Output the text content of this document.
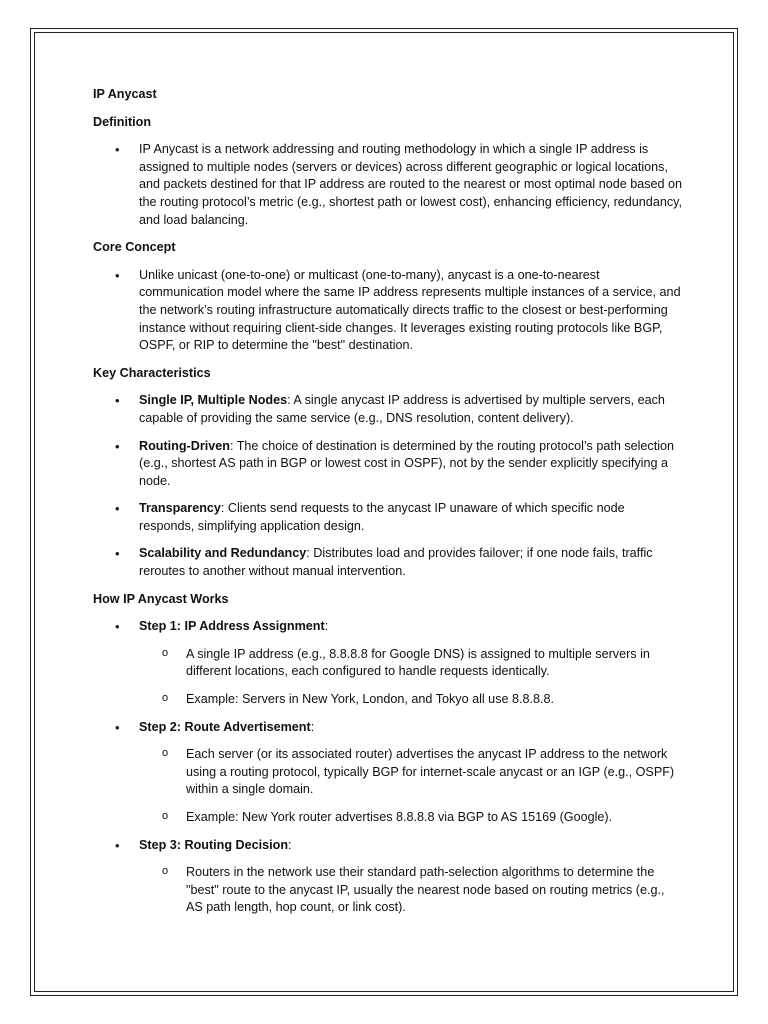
IP Anycast
Definition
• IP Anycast is a network addressing and routing methodology in which a single IP address is assigned to multiple nodes (servers or devices) across different geographic or logical locations, and packets destined for that IP address are routed to the nearest or most optimal node based on the routing protocol’s metric (e.g., shortest path or lowest cost), enhancing efficiency, redundancy, and load balancing.
Core Concept
• Unlike unicast (one-to-one) or multicast (one-to-many), anycast is a one-to-nearest communication model where the same IP address represents multiple instances of a service, and the network’s routing infrastructure automatically directs traffic to the closest or best-performing instance without requiring client-side changes. It leverages existing routing protocols like BGP, OSPF, or RIP to determine the "best" destination.
Key Characteristics
• Single IP, Multiple Nodes: A single anycast IP address is advertised by multiple servers, each capable of providing the same service (e.g., DNS resolution, content delivery).
• Routing-Driven: The choice of destination is determined by the routing protocol’s path selection (e.g., shortest AS path in BGP or lowest cost in OSPF), not by the sender explicitly specifying a node.
• Transparency: Clients send requests to the anycast IP unaware of which specific node responds, simplifying application design.
• Scalability and Redundancy: Distributes load and provides failover; if one node fails, traffic reroutes to another without manual intervention.
How IP Anycast Works
• Step 1: IP Address Assignment:
o A single IP address (e.g., 8.8.8.8 for Google DNS) is assigned to multiple servers in different locations, each configured to handle requests identically.
o Example: Servers in New York, London, and Tokyo all use 8.8.8.8.
• Step 2: Route Advertisement:
o Each server (or its associated router) advertises the anycast IP address to the network using a routing protocol, typically BGP for internet-scale anycast or an IGP (e.g., OSPF) within a single domain.
o Example: New York router advertises 8.8.8.8 via BGP to AS 15169 (Google).
• Step 3: Routing Decision:
o Routers in the network use their standard path-selection algorithms to determine the "best" route to the anycast IP, usually the nearest node based on routing metrics (e.g., AS path length, hop count, or link cost).
